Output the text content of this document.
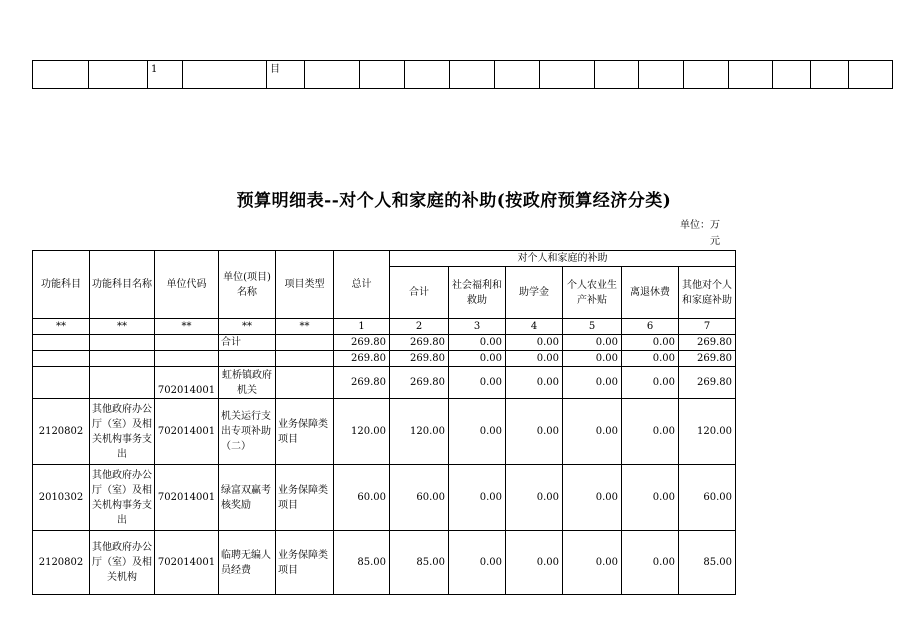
		1		目													
预算明细表--对个人和家庭的补助(按政府预算经济分类)
单位：万元
功能科目	功能科目名称	单位代码	单位(项目)名称	项目类型	总计	对个人和家庭的补助					
						合计	社会福利和救助	助学金	个人农业生产补贴	离退休费	其他对个人和家庭补助
**	**	**	**	**	1	2	3	4	5	6	7
			合计		269.80	269.80	0.00	0.00	0.00	0.00	269.80
					269.80	269.80	0.00	0.00	0.00	0.00	269.80
		702014001	虹桥镇政府机关		269.80	269.80	0.00	0.00	0.00	0.00	269.80
2120802	其他政府办公厅（室）及相关机构事务支出	702014001	机关运行支出专项补助（二）	业务保障类项目	120.00	120.00	0.00	0.00	0.00	0.00	120.00
2010302	其他政府办公厅（室）及相关机构事务支出	702014001	绿富双赢考核奖励	业务保障类项目	60.00	60.00	0.00	0.00	0.00	0.00	60.00
2120802	其他政府办公厅（室）及相关机构	702014001	临聘无编人员经费	业务保障类项目	85.00	85.00	0.00	0.00	0.00	0.00	85.00
